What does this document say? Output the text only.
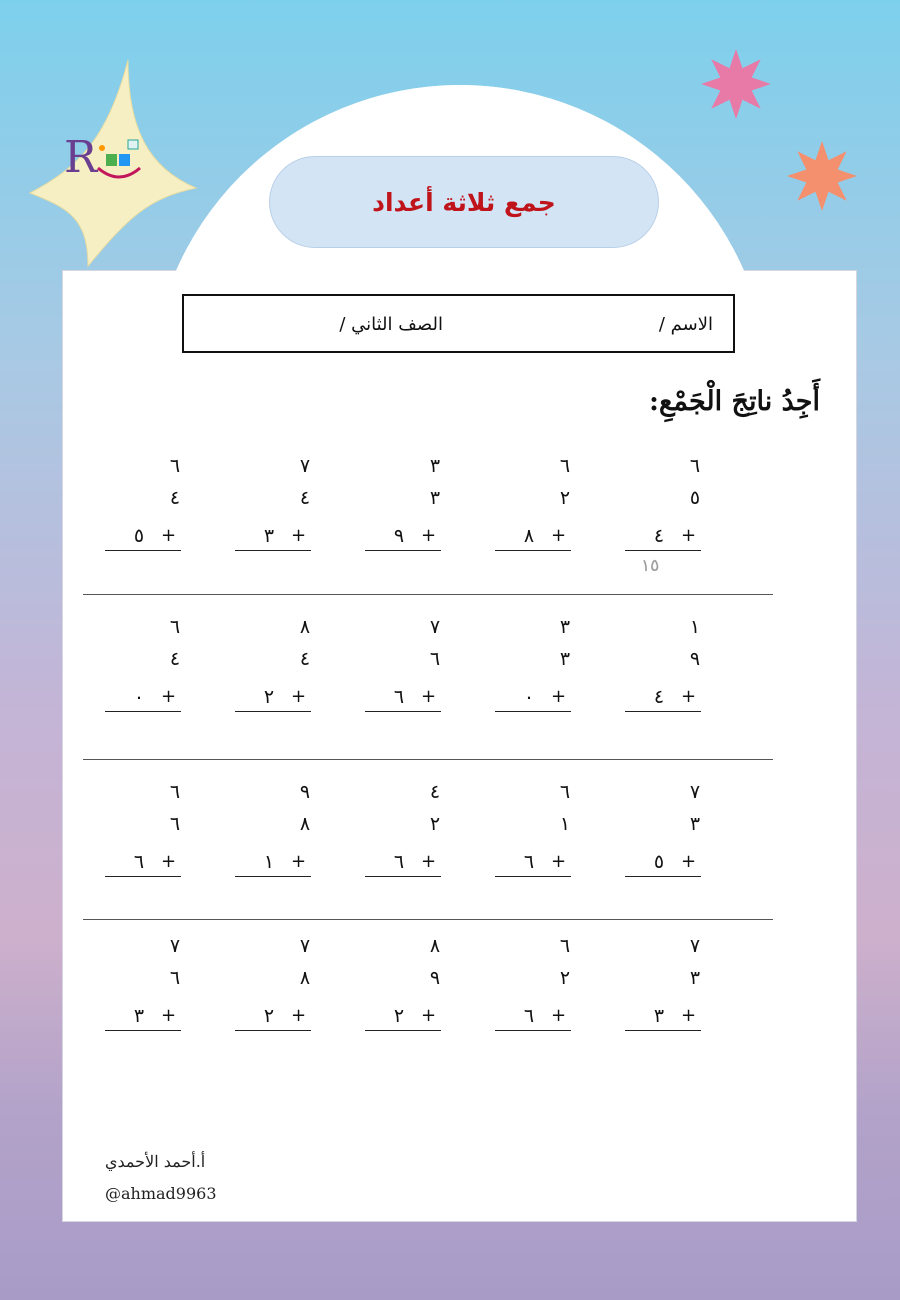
R
جمع ثلاثة أعداد
الاسم /
الصف الثاني /
أَجِدُ ناتِجَ الْجَمْعِ:
٦
٥
٤ +
١٥
٦
٢
٨ +
٣
٣
٩ +
٧
٤
٣ +
٦
٤
٥ +
١
٩
٤ +
٣
٣
٠ +
٧
٦
٦ +
٨
٤
٢ +
٦
٤
٠ +
٧
٣
٥ +
٦
١
٦ +
٤
٢
٦ +
٩
٨
١ +
٦
٦
٦ +
٧
٣
٣ +
٦
٢
٦ +
٨
٩
٢ +
٧
٨
٢ +
٧
٦
٣ +
أ.أحمد الأحمدي
@ahmad9963
